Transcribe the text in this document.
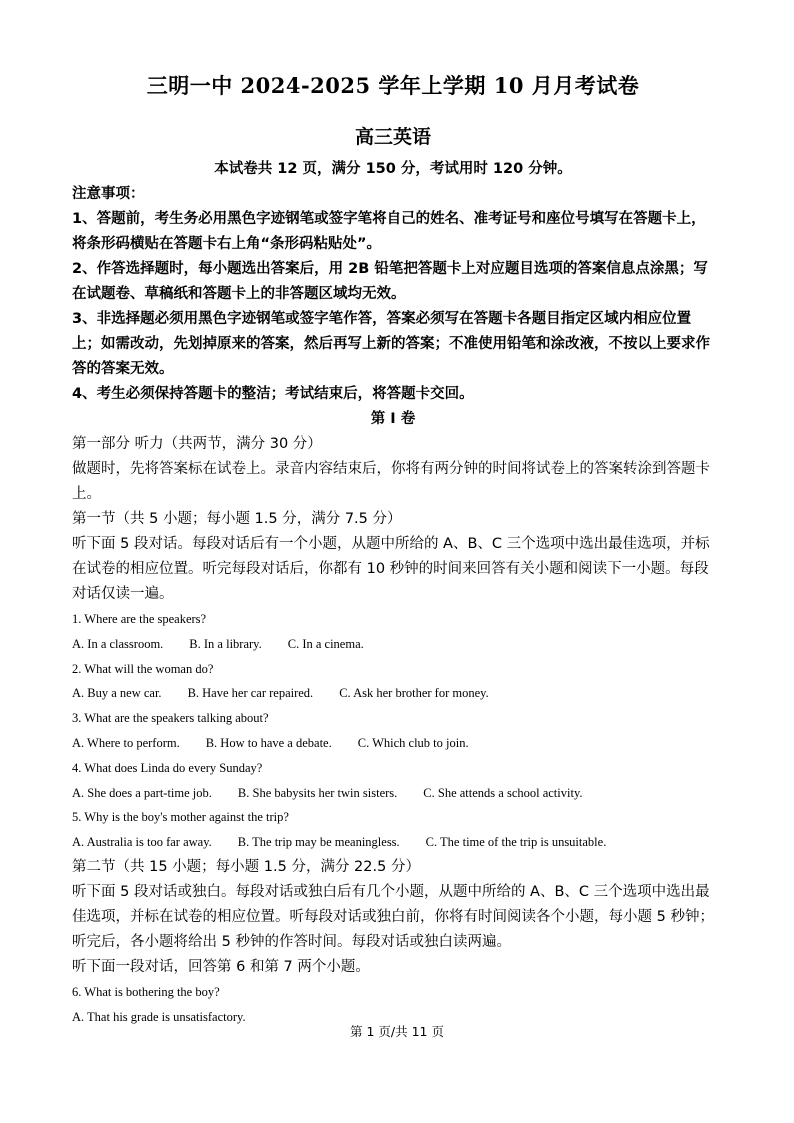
三明一中 2024-2025 学年上学期 10 月月考试卷
高三英语

本试卷共 12 页，满分 150 分，考试用时 120 分钟。

注意事项：

1、答题前，考生务必用黑色字迹钢笔或签字笔将自己的姓名、准考证号和座位号填写在答题卡上，将条形码横贴在答题卡右上角“条形码粘贴处”。

2、作答选择题时，每小题选出答案后，用 2B 铅笔把答题卡上对应题目选项的答案信息点涂黑；写在试题卷、草稿纸和答题卡上的非答题区域均无效。

3、非选择题必须用黑色字迹钢笔或签字笔作答，答案必须写在答题卡各题目指定区域内相应位置上；如需改动，先划掉原来的答案，然后再写上新的答案；不准使用铅笔和涂改液，不按以上要求作答的答案无效。

4、考生必须保持答题卡的整洁；考试结束后，将答题卡交回。

第 I 卷

第一部分 听力（共两节，满分 30 分）

做题时，先将答案标在试卷上。录音内容结束后，你将有两分钟的时间将试卷上的答案转涂到答题卡上。

第一节（共 5 小题；每小题 1.5 分，满分 7.5 分）

听下面 5 段对话。每段对话后有一个小题，从题中所给的 A、B、C 三个选项中选出最佳选项，并标在试卷的相应位置。听完每段对话后，你都有 10 秒钟的时间来回答有关小题和阅读下一小题。每段对话仅读一遍。

1. Where are the speakers?

A. In a classroom. B. In a library. C. In a cinema.

2. What will the woman do?

A. Buy a new car. B. Have her car repaired. C. Ask her brother for money.

3. What are the speakers talking about?

A. Where to perform. B. How to have a debate. C. Which club to join.

4. What does Linda do every Sunday?

A. She does a part-time job. B. She babysits her twin sisters. C. She attends a school activity.

5. Why is the boy's mother against the trip?

A. Australia is too far away. B. The trip may be meaningless. C. The time of the trip is unsuitable.

第二节（共 15 小题；每小题 1.5 分，满分 22.5 分）

听下面 5 段对话或独白。每段对话或独白后有几个小题，从题中所给的 A、B、C 三个选项中选出最佳选项，并标在试卷的相应位置。听每段对话或独白前，你将有时间阅读各个小题，每小题 5 秒钟；听完后，各小题将给出 5 秒钟的作答时间。每段对话或独白读两遍。

听下面一段对话，回答第 6 和第 7 两个小题。

6. What is bothering the boy?

A. That his grade is unsatisfactory.

第 1 页/共 11 页
